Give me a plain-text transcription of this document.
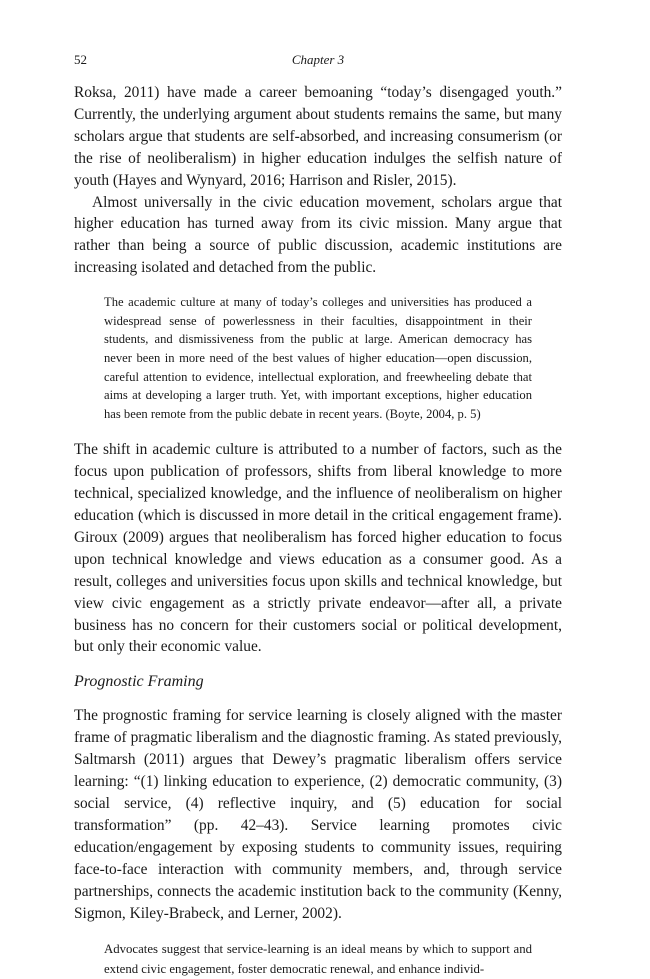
52	Chapter 3

Roksa, 2011) have made a career bemoaning “today’s disengaged youth.” Currently, the underlying argument about students remains the same, but many scholars argue that students are self-absorbed, and increasing consumerism (or the rise of neoliberalism) in higher education indulges the selfish nature of youth (Hayes and Wynyard, 2016; Harrison and Risler, 2015).

Almost universally in the civic education movement, scholars argue that higher education has turned away from its civic mission. Many argue that rather than being a source of public discussion, academic institutions are increasing isolated and detached from the public.

The academic culture at many of today’s colleges and universities has produced a widespread sense of powerlessness in their faculties, disappointment in their students, and dismissiveness from the public at large. American democracy has never been in more need of the best values of higher education—open discussion, careful attention to evidence, intellectual exploration, and freewheeling debate that aims at developing a larger truth. Yet, with important exceptions, higher education has been remote from the public debate in recent years. (Boyte, 2004, p. 5)

The shift in academic culture is attributed to a number of factors, such as the focus upon publication of professors, shifts from liberal knowledge to more technical, specialized knowledge, and the influence of neoliberalism on higher education (which is discussed in more detail in the critical engagement frame). Giroux (2009) argues that neoliberalism has forced higher education to focus upon technical knowledge and views education as a consumer good. As a result, colleges and universities focus upon skills and technical knowledge, but view civic engagement as a strictly private endeavor—after all, a private business has no concern for their customers social or political development, but only their economic value.

Prognostic Framing

The prognostic framing for service learning is closely aligned with the master frame of pragmatic liberalism and the diagnostic framing. As stated previously, Saltmarsh (2011) argues that Dewey’s pragmatic liberalism offers service learning: “(1) linking education to experience, (2) democratic community, (3) social service, (4) reflective inquiry, and (5) education for social transformation” (pp. 42–43). Service learning promotes civic education/engagement by exposing students to community issues, requiring face-to-face interaction with community members, and, through service partnerships, connects the academic institution back to the community (Kenny, Sigmon, Kiley-Brabeck, and Lerner, 2002).

Advocates suggest that service-learning is an ideal means by which to support and extend civic engagement, foster democratic renewal, and enhance individ-
